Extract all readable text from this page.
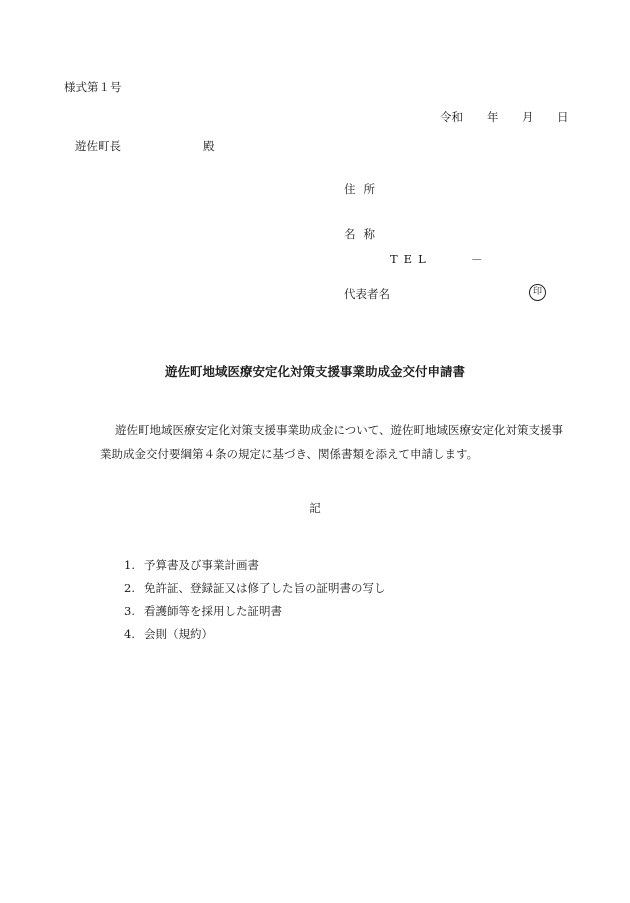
様式第１号
令和 年 月 日
遊佐町長	殿
住所
名称
TEL	－
代表者名	印
遊佐町地域医療安定化対策支援事業助成金交付申請書

遊佐町地域医療安定化対策支援事業助成金について、遊佐町地域医療安定化対策支援事

業助成金交付要綱第４条の規定に基づき、関係書類を添えて申請します。

記
1. 予算書及び事業計画書
2. 免許証、登録証又は修了した旨の証明書の写し
3. 看護師等を採用した証明書
4. 会則（規約）
